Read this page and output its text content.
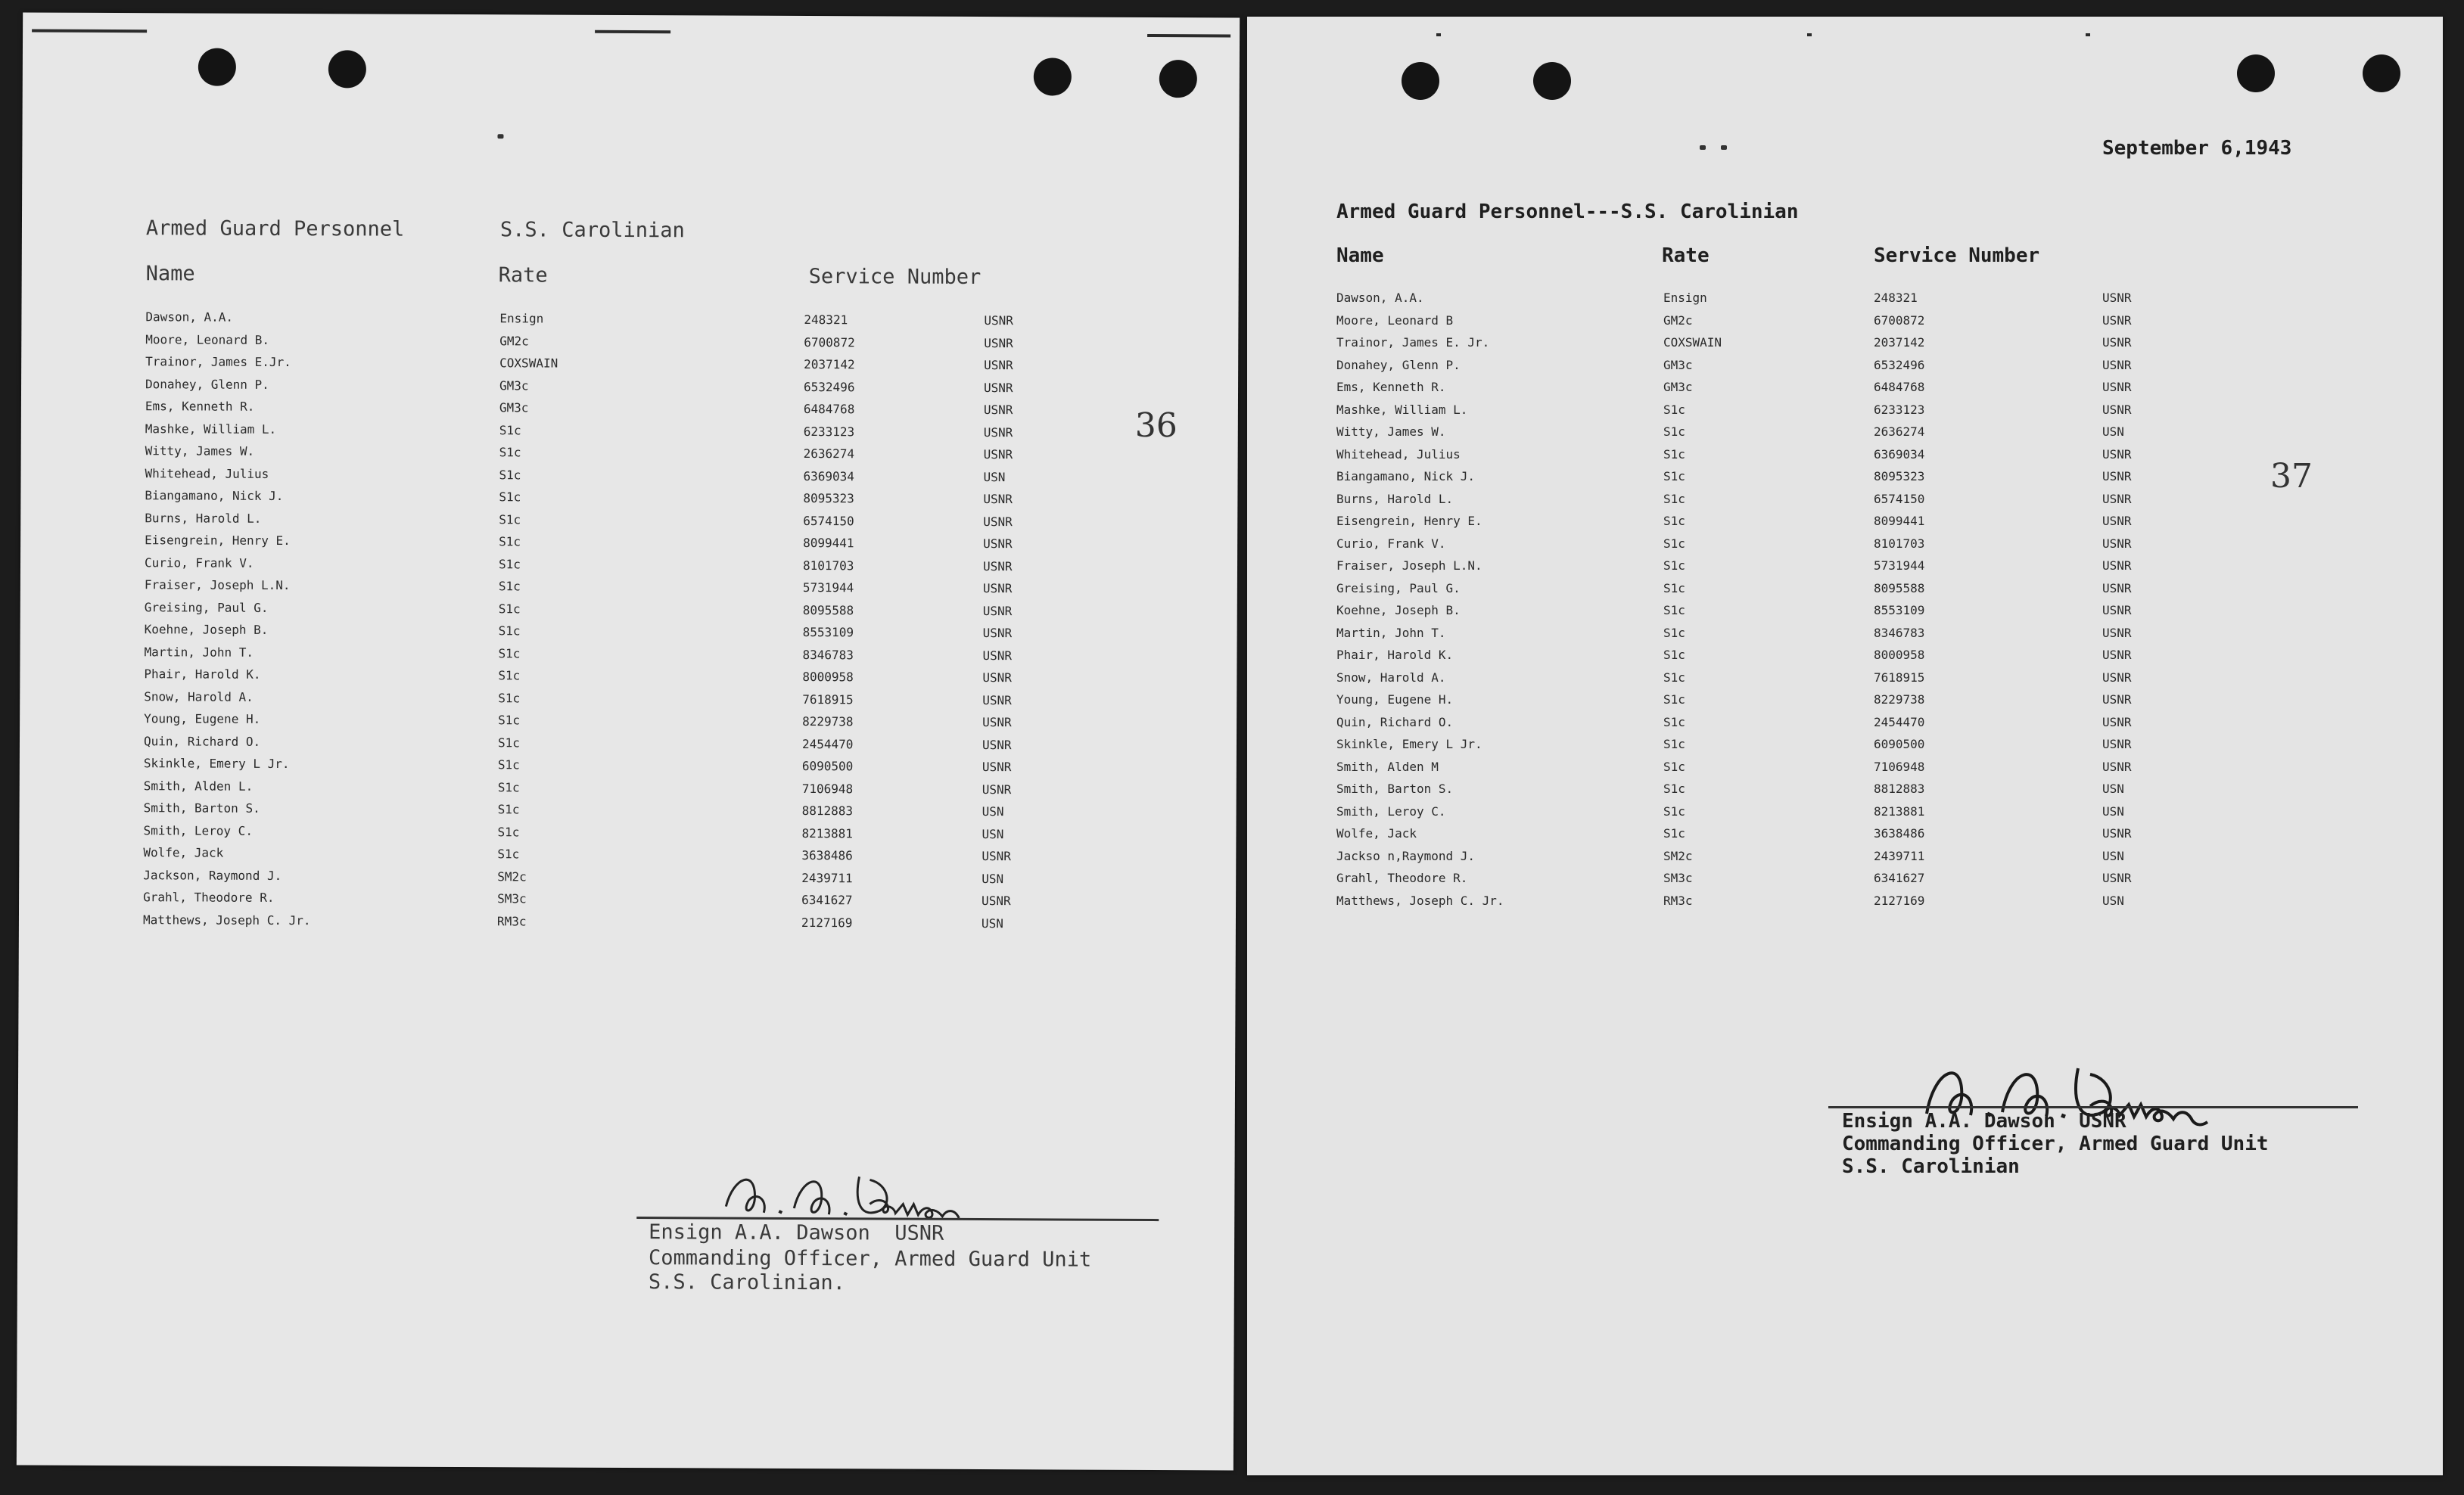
Armed Guard Personnel	S.S. Carolinian
Name	Rate	Service Number
Dawson, A.A.	Ensign	248321	USNR
Moore, Leonard B.	GM2c	6700872	USNR
Trainor, James E.Jr.	COXSWAIN	2037142	USNR
Donahey, Glenn P.	GM3c	6532496	USNR
Ems, Kenneth R.	GM3c	6484768	USNR
Mashke, William L.	S1c	6233123	USNR
Witty, James W.	S1c	2636274	USNR
Whitehead, Julius	S1c	6369034	USN
Biangamano, Nick J.	S1c	8095323	USNR
Burns, Harold L.	S1c	6574150	USNR
Eisengrein, Henry E.	S1c	8099441	USNR
Curio, Frank V.	S1c	8101703	USNR
Fraiser, Joseph L.N.	S1c	5731944	USNR
Greising, Paul G.	S1c	8095588	USNR
Koehne, Joseph B.	S1c	8553109	USNR
Martin, John T.	S1c	8346783	USNR
Phair, Harold K.	S1c	8000958	USNR
Snow, Harold A.	S1c	7618915	USNR
Young, Eugene H.	S1c	8229738	USNR
Quin, Richard O.	S1c	2454470	USNR
Skinkle, Emery L Jr.	S1c	6090500	USNR
Smith, Alden L.	S1c	7106948	USNR
Smith, Barton S.	S1c	8812883	USN
Smith, Leroy C.	S1c	8213881	USN
Wolfe, Jack	S1c	3638486	USNR
Jackson, Raymond J.	SM2c	2439711	USN
Grahl, Theodore R.	SM3c	6341627	USNR
Matthews, Joseph C. Jr.	RM3c	2127169	USN
36
Ensign A.A. Dawson  USNR
Commanding Officer, Armed Guard Unit
S.S. Carolinian.
September 6,1943
Armed Guard Personnel---S.S. Carolinian
Name	Rate	Service Number
Dawson, A.A.	Ensign	248321	USNR
Moore, Leonard B	GM2c	6700872	USNR
Trainor, James E. Jr.	COXSWAIN	2037142	USNR
Donahey, Glenn P.	GM3c	6532496	USNR
Ems, Kenneth R.	GM3c	6484768	USNR
Mashke, William L.	S1c	6233123	USNR
Witty, James W.	S1c	2636274	USN
Whitehead, Julius	S1c	6369034	USNR
Biangamano, Nick J.	S1c	8095323	USNR
Burns, Harold L.	S1c	6574150	USNR
Eisengrein, Henry E.	S1c	8099441	USNR
Curio, Frank V.	S1c	8101703	USNR
Fraiser, Joseph L.N.	S1c	5731944	USNR
Greising, Paul G.	S1c	8095588	USNR
Koehne, Joseph B.	S1c	8553109	USNR
Martin, John T.	S1c	8346783	USNR
Phair, Harold K.	S1c	8000958	USNR
Snow, Harold A.	S1c	7618915	USNR
Young, Eugene H.	S1c	8229738	USNR
Quin, Richard O.	S1c	2454470	USNR
Skinkle, Emery L Jr.	S1c	6090500	USNR
Smith, Alden M	S1c	7106948	USNR
Smith, Barton S.	S1c	8812883	USN
Smith, Leroy C.	S1c	8213881	USN
Wolfe, Jack	S1c	3638486	USNR
Jackso n,Raymond J.	SM2c	2439711	USN
Grahl, Theodore R.	SM3c	6341627	USNR
Matthews, Joseph C. Jr.	RM3c	2127169	USN
37
Ensign A.A. Dawson  USNR
Commanding Officer, Armed Guard Unit
S.S. Carolinian
